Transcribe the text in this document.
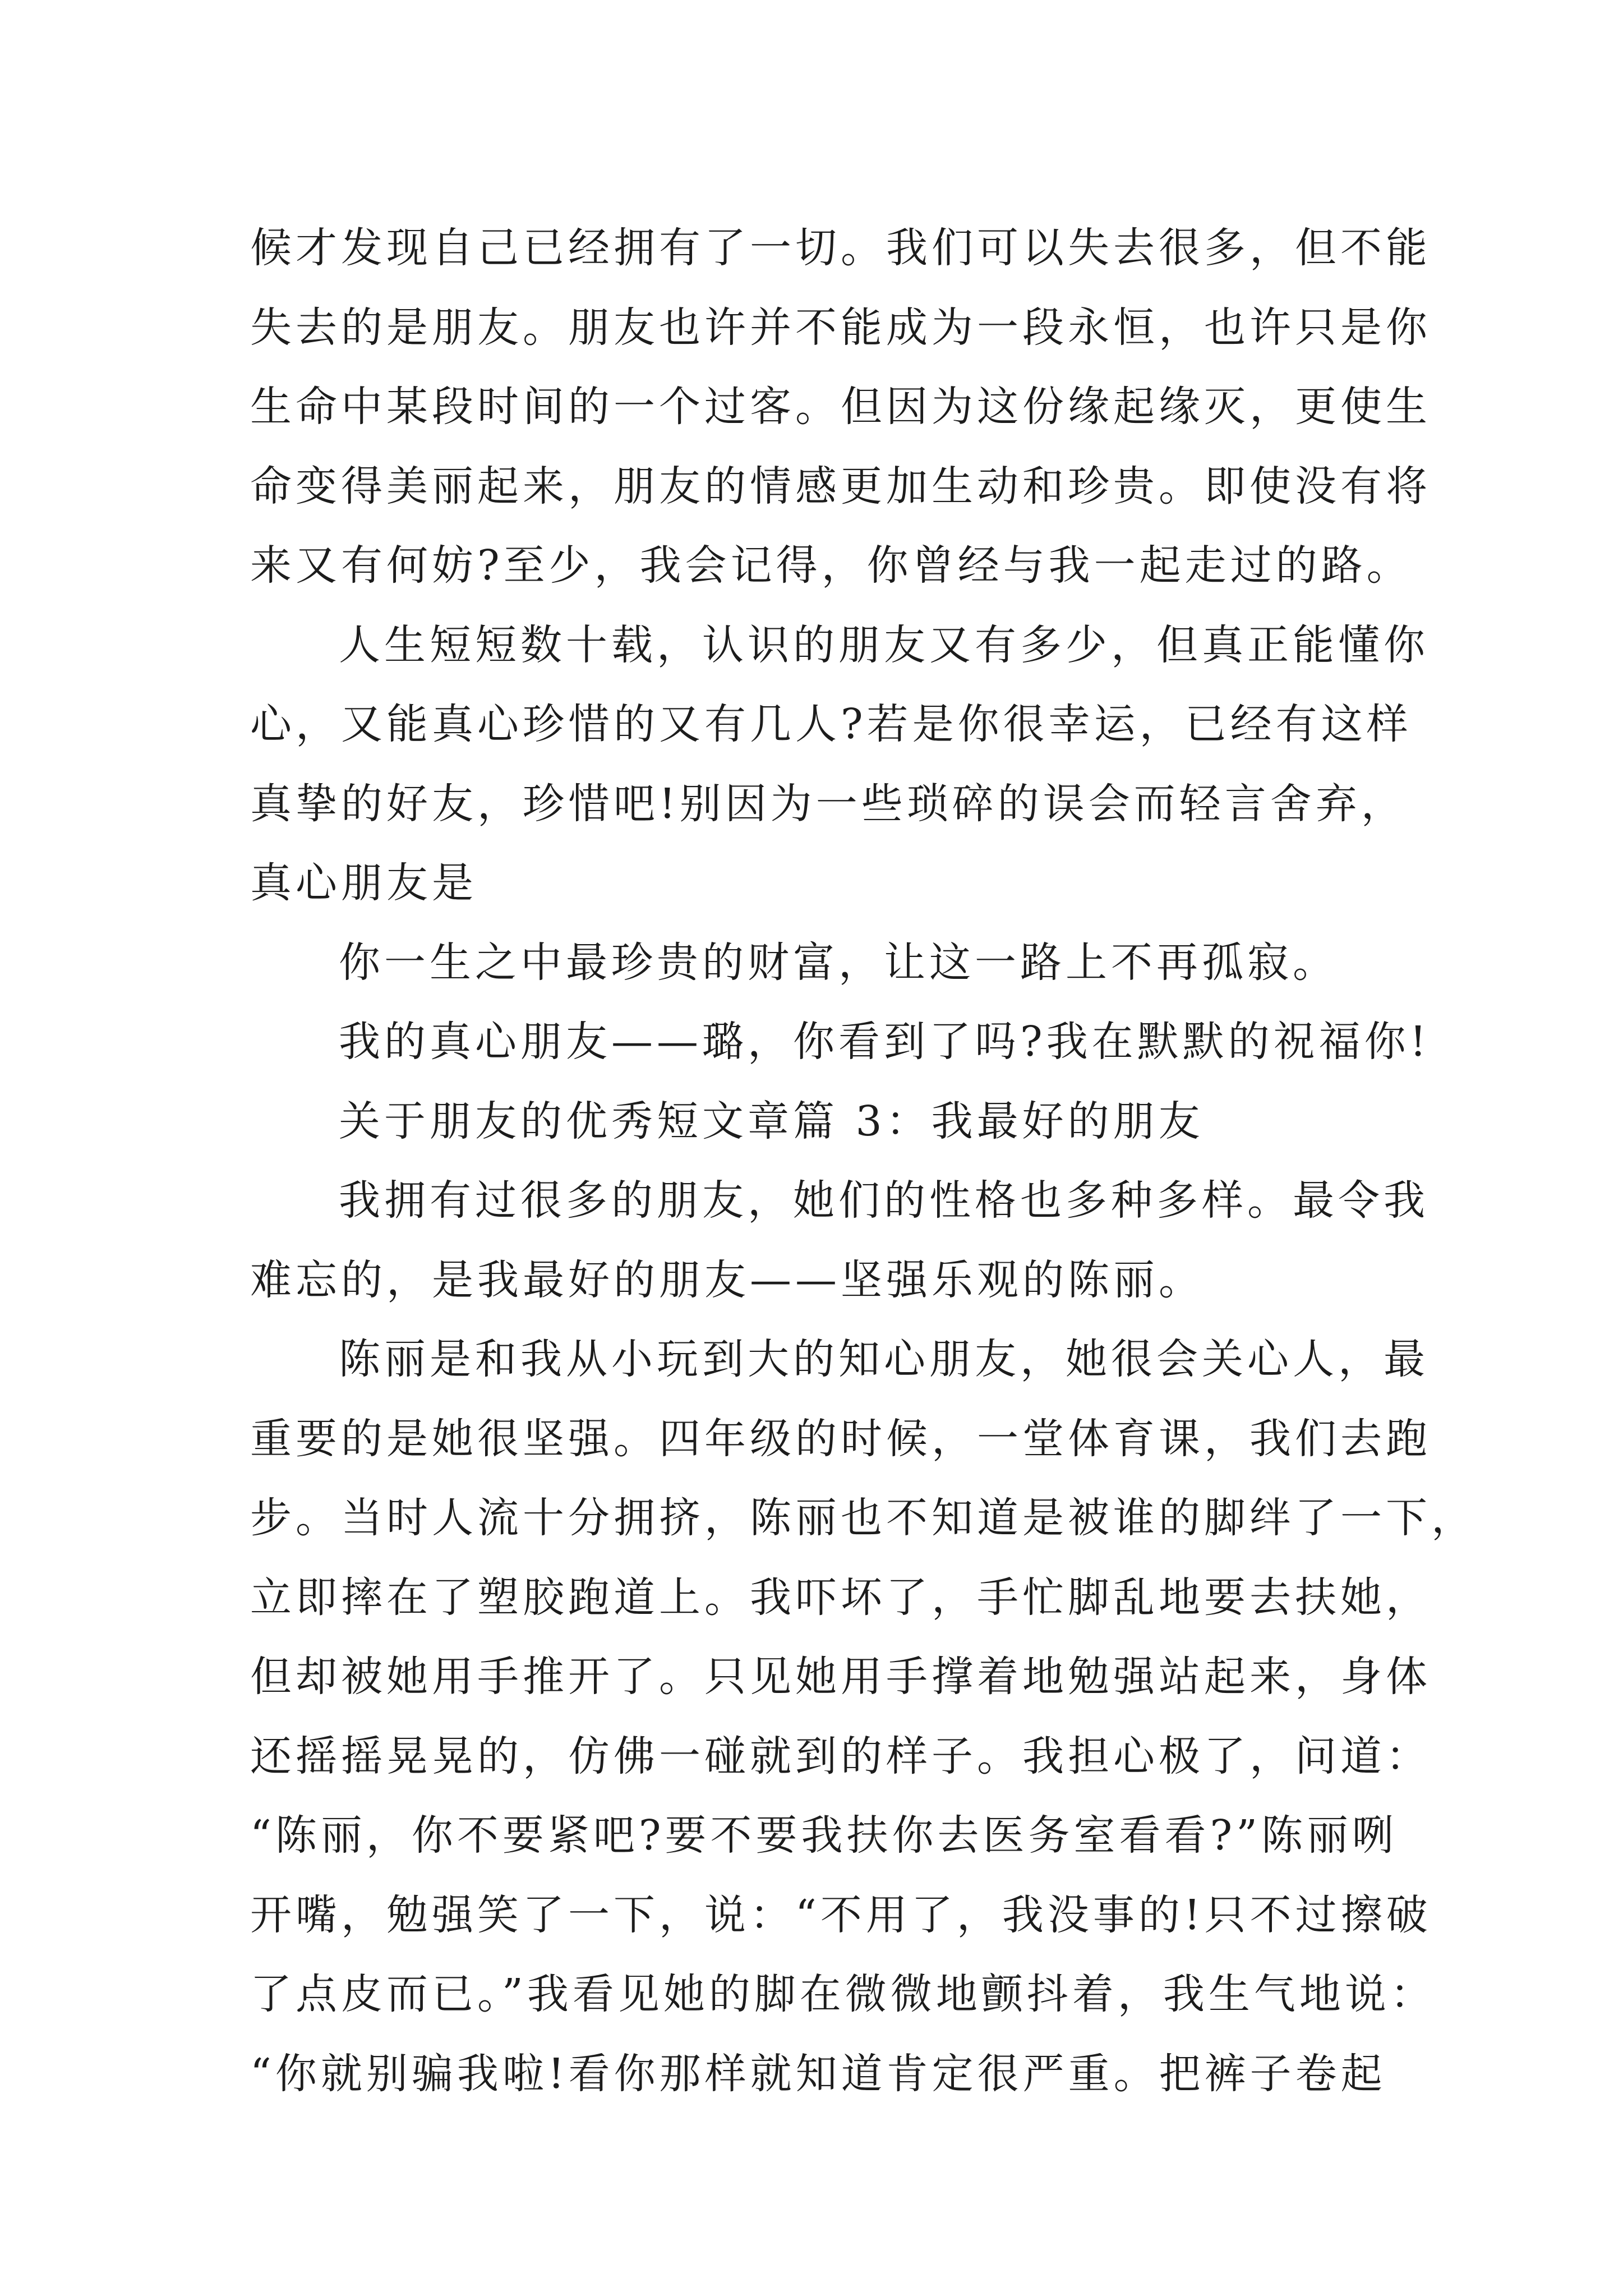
候才发现自己已经拥有了一切。我们可以失去很多，但不能
失去的是朋友。朋友也许并不能成为一段永恒，也许只是你
生命中某段时间的一个过客。但因为这份缘起缘灭，更使生
命变得美丽起来，朋友的情感更加生动和珍贵。即使没有将
来又有何妨?至少，我会记得，你曾经与我一起走过的路。
人生短短数十载，认识的朋友又有多少，但真正能懂你
心，又能真心珍惜的又有几人?若是你很幸运，已经有这样
真挚的好友，珍惜吧!别因为一些琐碎的误会而轻言舍弃，
真心朋友是
你一生之中最珍贵的财富，让这一路上不再孤寂。
我的真心朋友——璐，你看到了吗?我在默默的祝福你!
关于朋友的优秀短文章篇 3：我最好的朋友
我拥有过很多的朋友，她们的性格也多种多样。最令我
难忘的，是我最好的朋友——坚强乐观的陈丽。
陈丽是和我从小玩到大的知心朋友，她很会关心人，最
重要的是她很坚强。四年级的时候，一堂体育课，我们去跑
步。当时人流十分拥挤，陈丽也不知道是被谁的脚绊了一下，
立即摔在了塑胶跑道上。我吓坏了，手忙脚乱地要去扶她，
但却被她用手推开了。只见她用手撑着地勉强站起来，身体
还摇摇晃晃的，仿佛一碰就到的样子。我担心极了，问道：
“陈丽，你不要紧吧?要不要我扶你去医务室看看?”陈丽咧
开嘴，勉强笑了一下，说：“不用了，我没事的!只不过擦破
了点皮而已。”我看见她的脚在微微地颤抖着，我生气地说：
“你就别骗我啦!看你那样就知道肯定很严重。把裤子卷起
